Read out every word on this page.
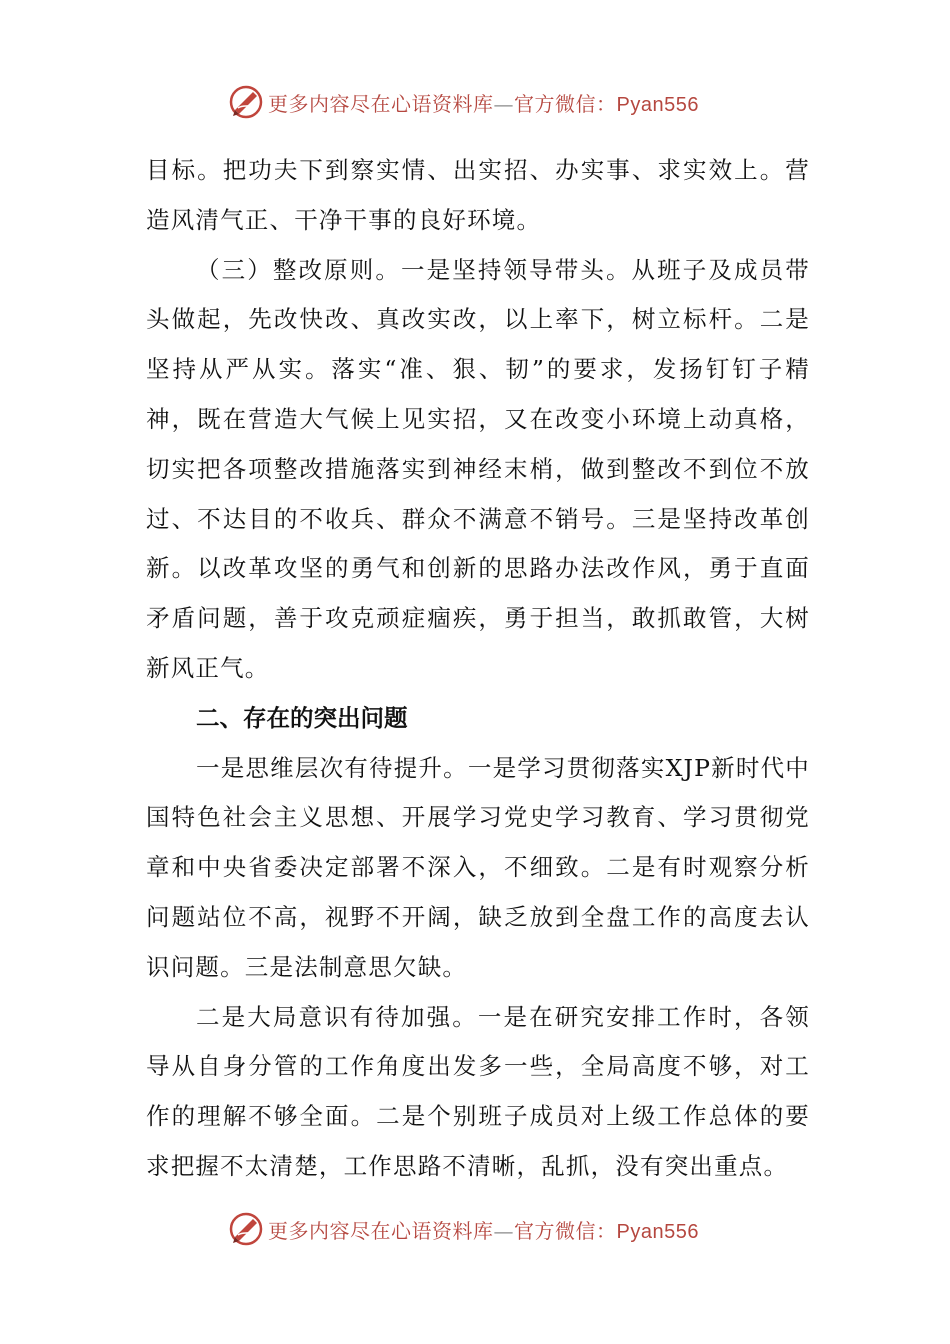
更多内容尽在心语资料库—官方微信：Pyan556

目标。把功夫下到察实情、出实招、办实事、求实效上。营造风清气正、干净干事的良好环境。

（三）整改原则。一是坚持领导带头。从班子及成员带头做起，先改快改、真改实改，以上率下，树立标杆。二是坚持从严从实。落实“准、狠、韧”的要求，发扬钉钉子精神，既在营造大气候上见实招，又在改变小环境上动真格，切实把各项整改措施落实到神经末梢，做到整改不到位不放过、不达目的不收兵、群众不满意不销号。三是坚持改革创新。以改革攻坚的勇气和创新的思路办法改作风，勇于直面矛盾问题，善于攻克顽症痼疾，勇于担当，敢抓敢管，大树新风正气。

二、存在的突出问题

一是思维层次有待提升。一是学习贯彻落实XJP新时代中国特色社会主义思想、开展学习党史学习教育、学习贯彻党章和中央省委决定部署不深入，不细致。二是有时观察分析问题站位不高，视野不开阔，缺乏放到全盘工作的高度去认识问题。三是法制意思欠缺。

二是大局意识有待加强。一是在研究安排工作时，各领导从自身分管的工作角度出发多一些，全局高度不够，对工作的理解不够全面。二是个别班子成员对上级工作总体的要求把握不太清楚，工作思路不清晰，乱抓，没有突出重点。

更多内容尽在心语资料库—官方微信：Pyan556
